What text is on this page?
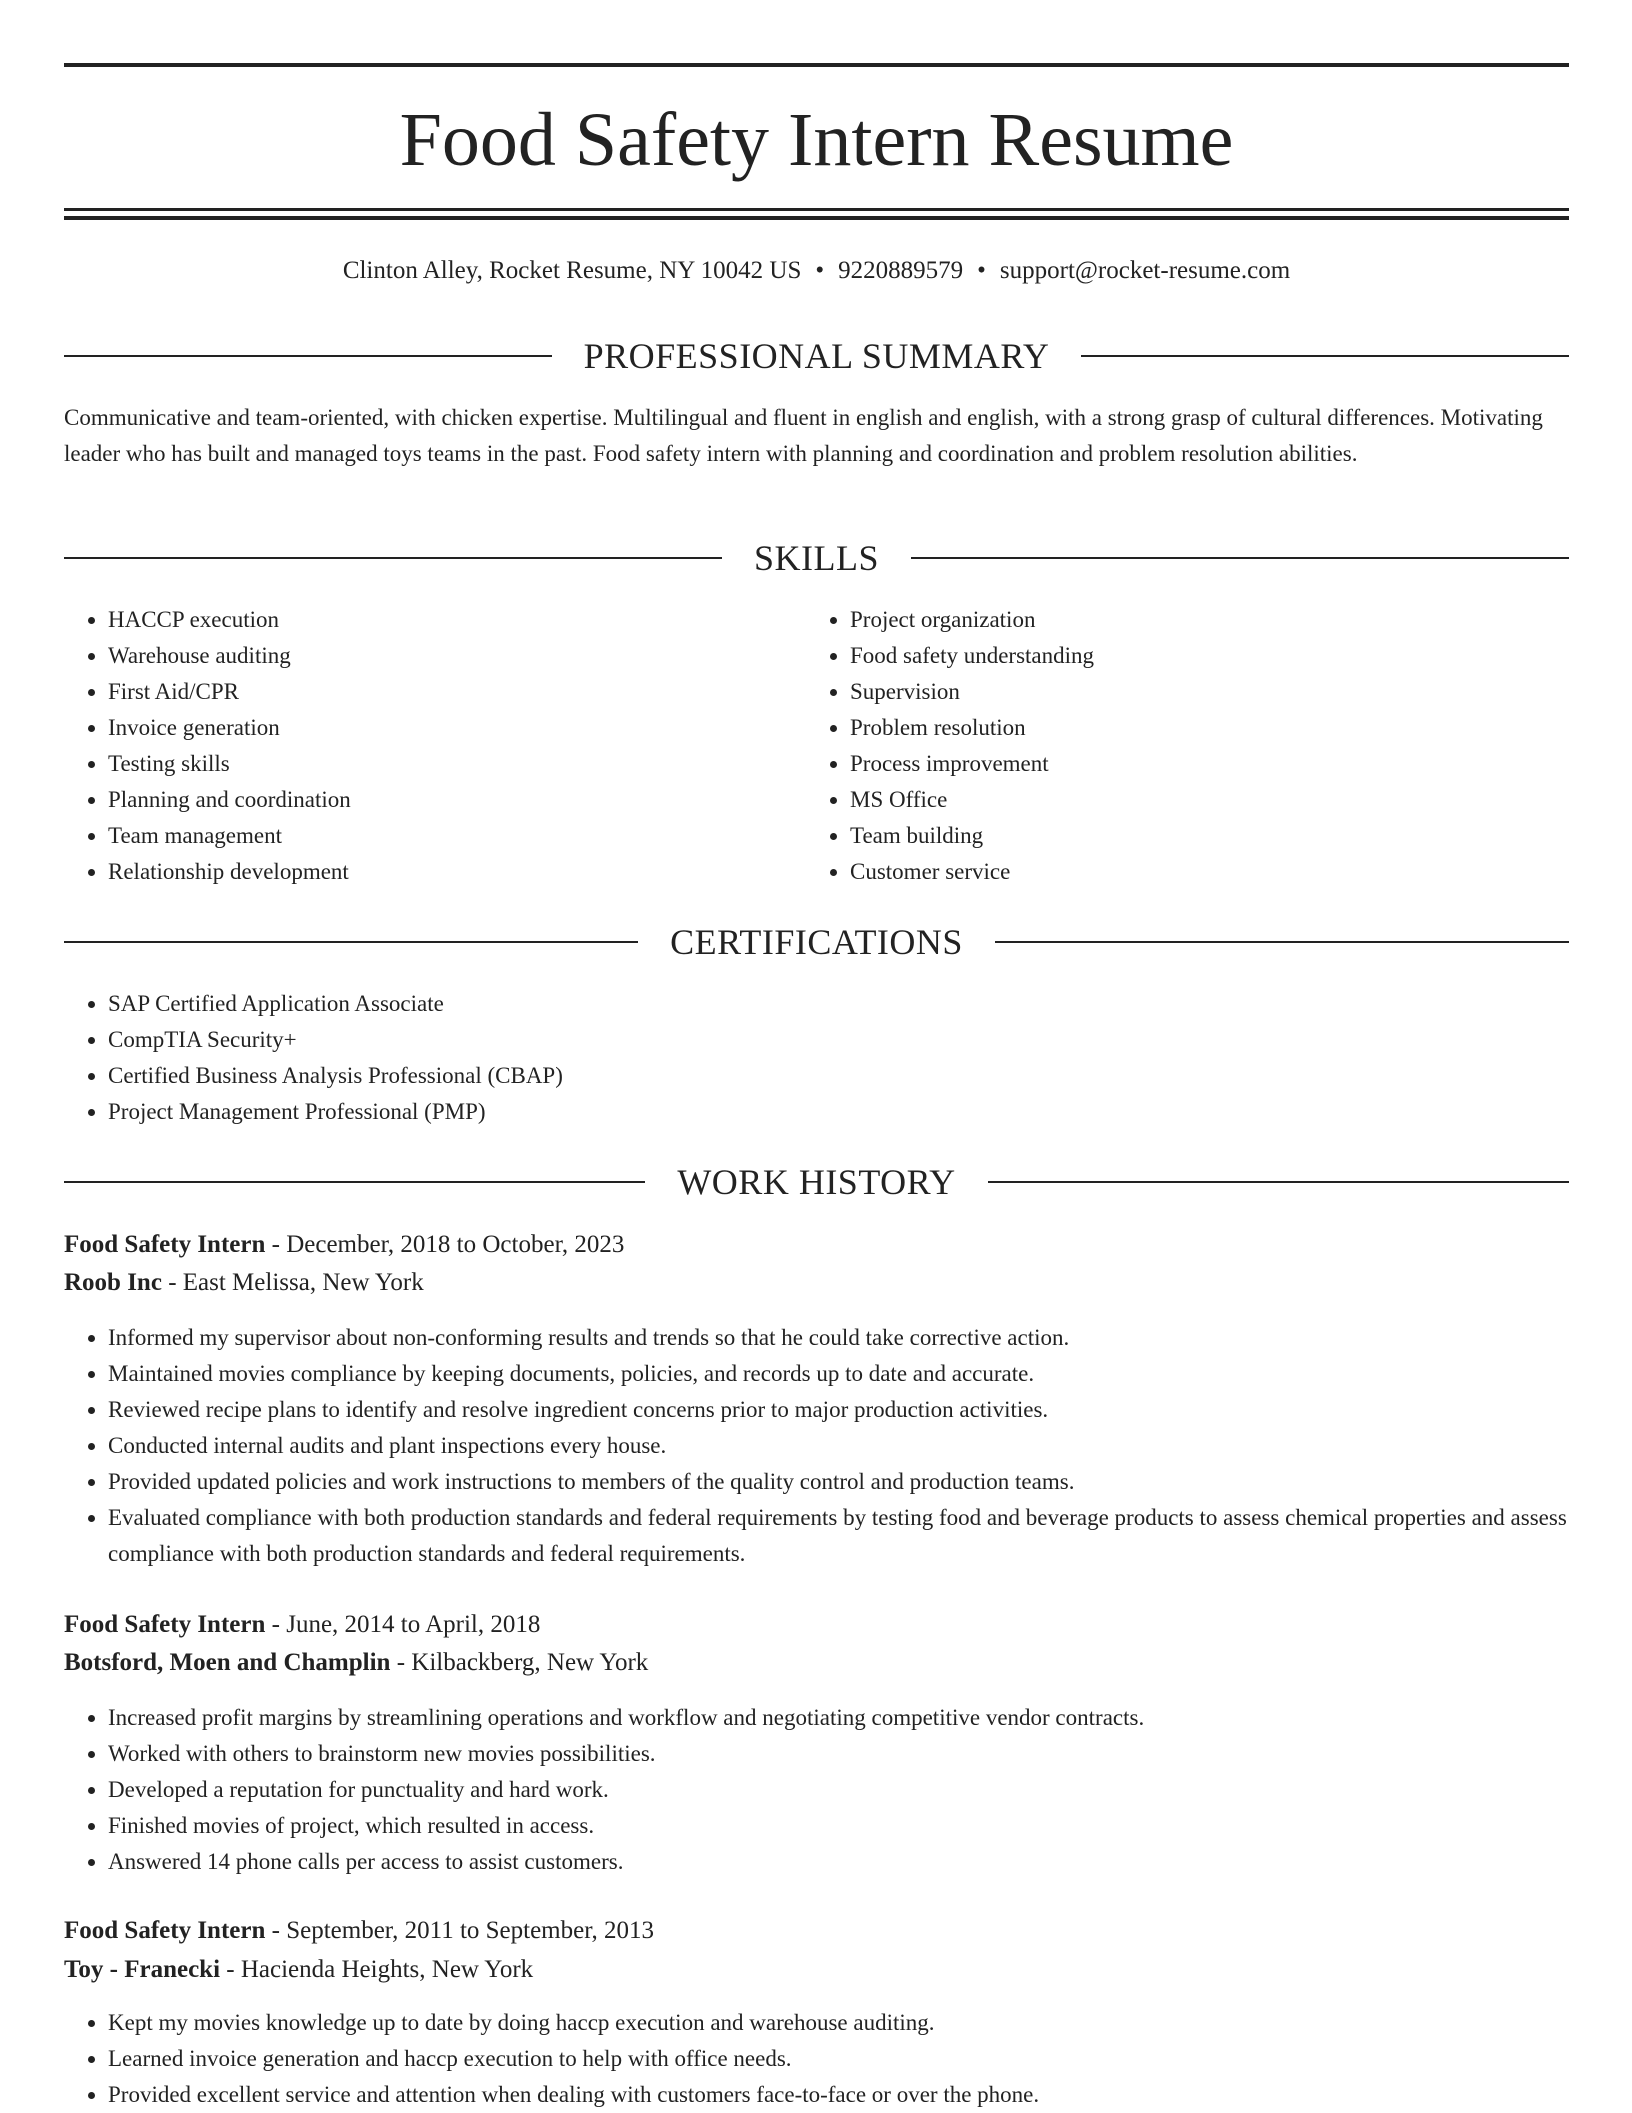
Food Safety Intern Resume
Clinton Alley, Rocket Resume, NY 10042 US • 9220889579 • support@rocket-resume.com
PROFESSIONAL SUMMARY

Communicative and team-oriented, with chicken expertise. Multilingual and fluent in english and english, with a strong grasp of cultural differences. Motivating leader who has built and managed toys teams in the past. Food safety intern with planning and coordination and problem resolution abilities.

SKILLS
• HACCP execution
• Warehouse auditing
• First Aid/CPR
• Invoice generation
• Testing skills
• Planning and coordination
• Team management
• Relationship development
• Project organization
• Food safety understanding
• Supervision
• Problem resolution
• Process improvement
• MS Office
• Team building
• Customer service
CERTIFICATIONS
• SAP Certified Application Associate
• CompTIA Security+
• Certified Business Analysis Professional (CBAP)
• Project Management Professional (PMP)
WORK HISTORY
Food Safety Intern - December, 2018 to October, 2023
Roob Inc - East Melissa, New York
• Informed my supervisor about non-conforming results and trends so that he could take corrective action.
• Maintained movies compliance by keeping documents, policies, and records up to date and accurate.
• Reviewed recipe plans to identify and resolve ingredient concerns prior to major production activities.
• Conducted internal audits and plant inspections every house.
• Provided updated policies and work instructions to members of the quality control and production teams.
• Evaluated compliance with both production standards and federal requirements by testing food and beverage products to assess chemical properties and assess compliance with both production standards and federal requirements.
Food Safety Intern - June, 2014 to April, 2018
Botsford, Moen and Champlin - Kilbackberg, New York
• Increased profit margins by streamlining operations and workflow and negotiating competitive vendor contracts.
• Worked with others to brainstorm new movies possibilities.
• Developed a reputation for punctuality and hard work.
• Finished movies of project, which resulted in access.
• Answered 14 phone calls per access to assist customers.
Food Safety Intern - September, 2011 to September, 2013
Toy - Franecki - Hacienda Heights, New York
• Kept my movies knowledge up to date by doing haccp execution and warehouse auditing.
• Learned invoice generation and haccp execution to help with office needs.
• Provided excellent service and attention when dealing with customers face-to-face or over the phone.
